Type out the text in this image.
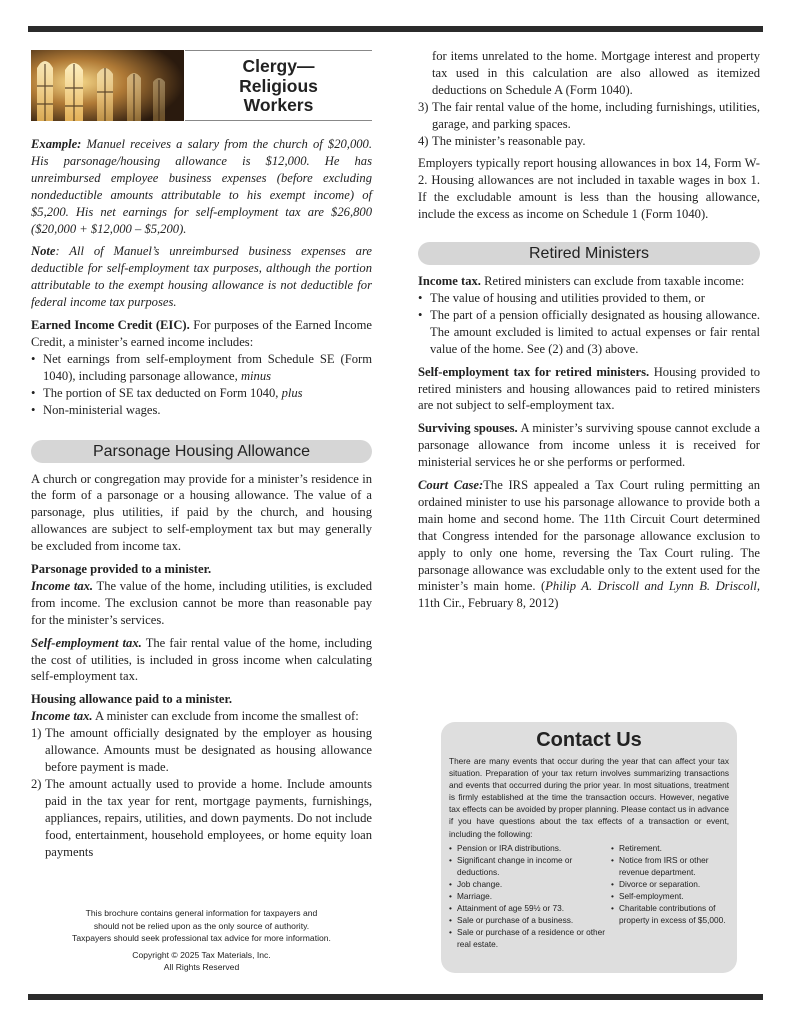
Clergy—
Religious
Workers

Example: Manuel receives a salary from the church of $20,000. His parsonage/housing allowance is $12,000. He has unreimbursed employee business expenses (before excluding nondeductible amounts attributable to his exempt income) of $5,200. His net earnings for self-employment tax are $26,800 ($20,000 + $12,000 – $5,200).

Note: All of Manuel’s unreimbursed business expenses are deductible for self-employment tax purposes, although the portion attributable to the exempt housing allowance is not deductible for federal income tax purposes.

Earned Income Credit (EIC). For purposes of the Earned Income Credit, a minister’s earned income includes:

• Net earnings from self-employment from Schedule SE (Form 1040), including parsonage allowance, minus
• The portion of SE tax deducted on Form 1040, plus
• Non-ministerial wages.
Parsonage Housing Allowance

A church or congregation may provide for a minister’s residence in the form of a parsonage or a housing allowance. The value of a parsonage, plus utilities, if paid by the church, and housing allowances are subject to self-employment tax but may generally be excluded from income tax.

Parsonage provided to a minister.

Income tax. The value of the home, including utilities, is excluded from income. The exclusion cannot be more than reasonable pay for the minister’s services.

Self-employment tax. The fair rental value of the home, including the cost of utilities, is included in gross income when calculating self-employment tax.

Housing allowance paid to a minister.

Income tax. A minister can exclude from income the smallest of:

1) The amount officially designated by the employer as housing allowance. Amounts must be designated as housing allowance before payment is made.
2) The amount actually used to provide a home. Include amounts paid in the tax year for rent, mortgage payments, furnishings, appliances, repairs, utilities, and down payments. Do not include food, entertainment, household employees, or home equity loan payments

for items unrelated to the home. Mortgage interest and property tax used in this calculation are also allowed as itemized deductions on Schedule A (Form 1040).

3) The fair rental value of the home, including furnishings, utilities, garage, and parking spaces.
4) The minister’s reasonable pay.

Employers typically report housing allowances in box 14, Form W-2. Housing allowances are not included in taxable wages in box 1. If the excludable amount is less than the housing allowance, include the excess as income on Schedule 1 (Form 1040).

Retired Ministers

Income tax. Retired ministers can exclude from taxable income:

• The value of housing and utilities provided to them, or
• The part of a pension officially designated as housing allowance. The amount excluded is limited to actual expenses or fair rental value of the home. See (2) and (3) above.

Self-employment tax for retired ministers. Housing provided to retired ministers and housing allowances paid to retired ministers are not subject to self-employment tax.

Surviving spouses. A minister’s surviving spouse cannot exclude a parsonage allowance from income unless it is received for ministerial services he or she performs or performed.

Court Case:The IRS appealed a Tax Court ruling permitting an ordained minister to use his parsonage allowance to provide both a main home and second home. The 11th Circuit Court determined that Congress intended for the parsonage allowance exclusion to apply to only one home, reversing the Tax Court ruling. The parsonage allowance was excludable only to the extent used for the minister’s main home. (Philip A. Driscoll and Lynn B. Driscoll, 11th Cir., February 8, 2012)

This brochure contains general information for taxpayers and
should not be relied upon as the only source of authority.
Taxpayers should seek professional tax advice for more information.
Copyright © 2025 Tax Materials, Inc.
All Rights Reserved
Contact Us
There are many events that occur during the year that can affect your tax situation. Preparation of your tax return involves summarizing transactions and events that occurred during the prior year. In most situations, treatment is firmly established at the time the transaction occurs. However, negative tax effects can be avoided by proper planning. Please contact us in advance if you have questions about the tax effects of a transaction or event, including the following:
• Pension or IRA distributions.
• Significant change in income or deductions.
• Job change.
• Marriage.
• Attainment of age 59½ or 73.
• Sale or purchase of a business.
• Sale or purchase of a residence or other real estate.
• Retirement.
• Notice from IRS or other revenue department.
• Divorce or separation.
• Self-employment.
• Charitable contributions of property in excess of $5,000.
